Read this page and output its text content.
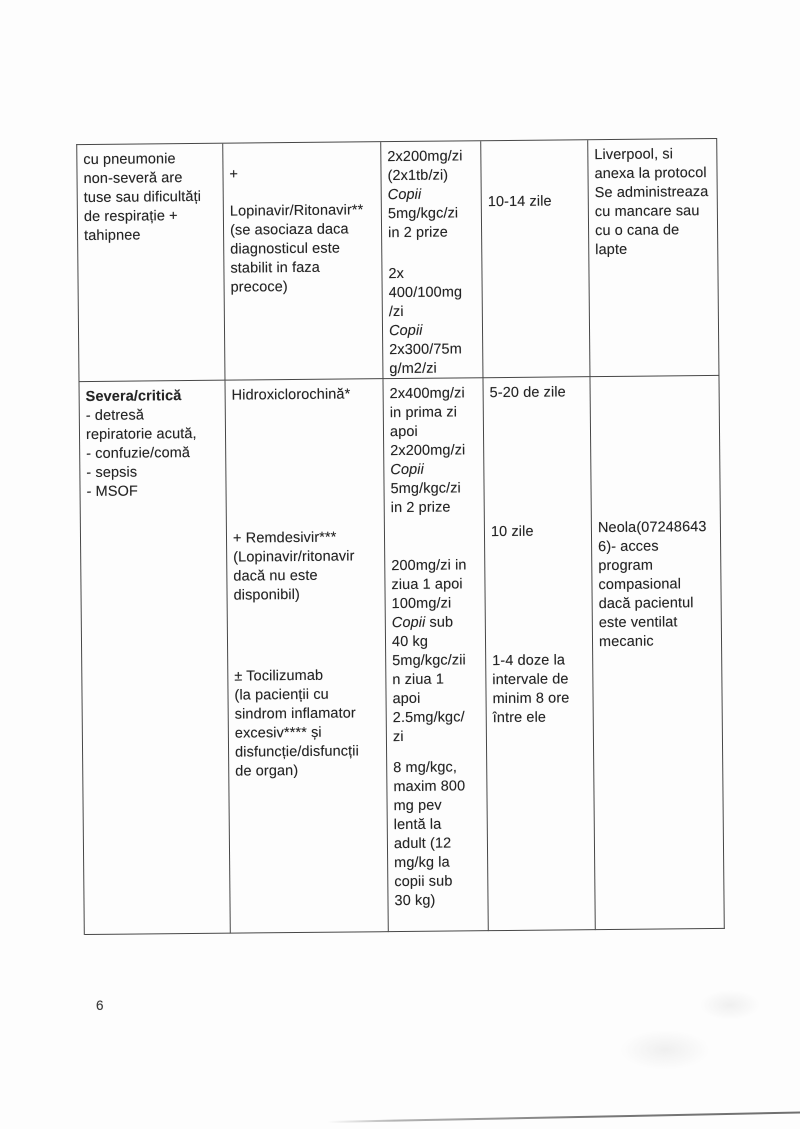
cu pneumonie
non-severă are
tuse sau dificultăți
de respirație +
tahipnee
+
Lopinavir/Ritonavir**
(se asociaza daca
diagnosticul este
stabilit in faza
precoce)
2x200mg/zi
(2x1tb/zi)
Copii
5mg/kgc/zi
in 2 prize
2x
400/100mg
/zi
Copii
2x300/75m
g/m2/zi
10-14 zile
Liverpool, si
anexa la protocol
Se administreaza
cu mancare sau
cu o cana de
lapte
Severa/critică
- detresă
repiratorie acută,
- confuzie/comă
- sepsis
- MSOF
Hidroxiclorochină*
+ Remdesivir***
(Lopinavir/ritonavir
dacă nu este
disponibil)
± Tocilizumab
(la pacienții cu
sindrom inflamator
excesiv**** și
disfuncție/disfuncții
de organ)
2x400mg/zi
in prima zi
apoi
2x200mg/zi
Copii
5mg/kgc/zi
in 2 prize
200mg/zi in
ziua 1 apoi
100mg/zi
Copii sub
40 kg
5mg/kgc/zii
n ziua 1
apoi
2.5mg/kgc/
zi
8 mg/kgc,
maxim 800
mg pev
lentă la
adult (12
mg/kg la
copii sub
30 kg)
5-20 de zile
10 zile
1-4 doze la
intervale de
minim 8 ore
între ele
Neola(07248643
6)- acces
program
compasional
dacă pacientul
este ventilat
mecanic
6
